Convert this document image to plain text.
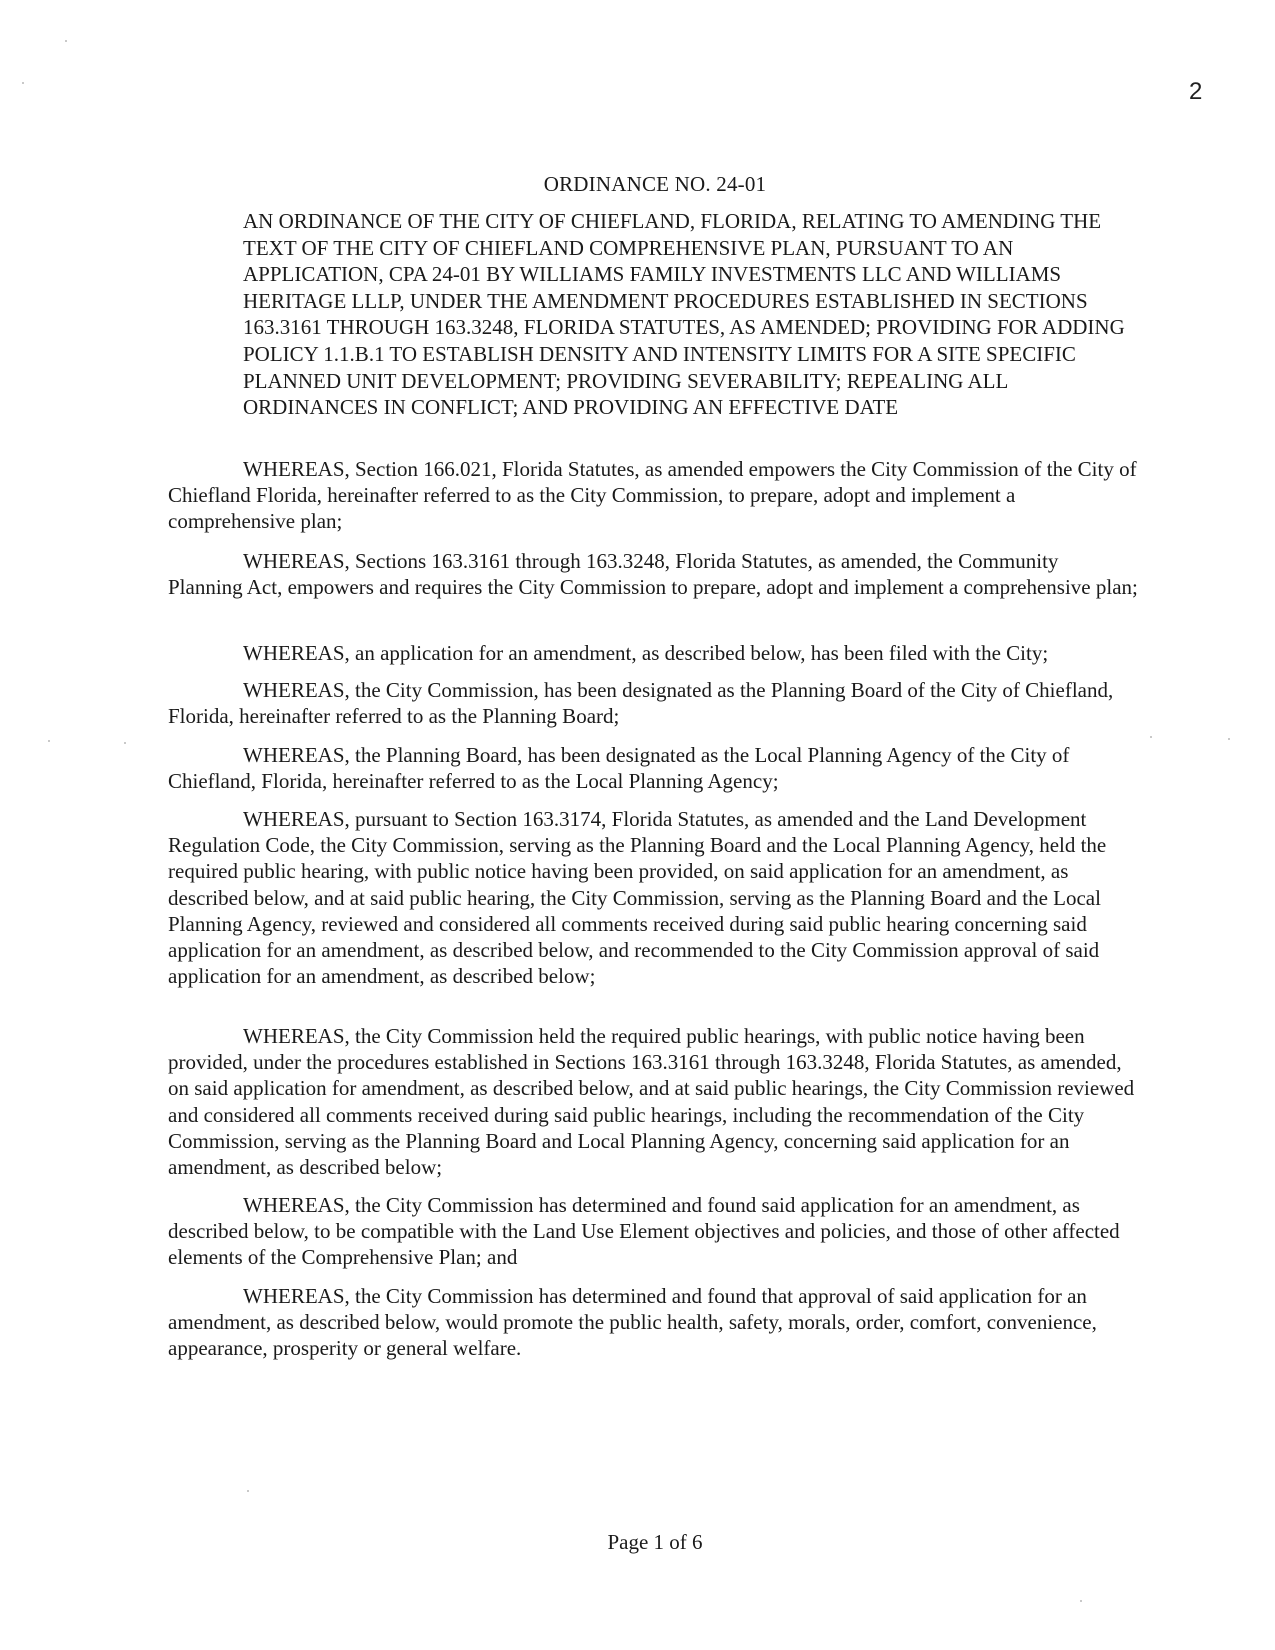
2
ORDINANCE NO. 24-01

AN ORDINANCE OF THE CITY OF CHIEFLAND, FLORIDA, RELATING TO AMENDING THE TEXT OF THE CITY OF CHIEFLAND COMPREHENSIVE PLAN, PURSUANT TO AN APPLICATION, CPA 24-01 BY WILLIAMS FAMILY INVESTMENTS LLC AND WILLIAMS HERITAGE LLLP, UNDER THE AMENDMENT PROCEDURES ESTABLISHED IN SECTIONS 163.3161 THROUGH 163.3248, FLORIDA STATUTES, AS AMENDED; PROVIDING FOR ADDING POLICY 1.1.B.1 TO ESTABLISH DENSITY AND INTENSITY LIMITS FOR A SITE SPECIFIC PLANNED UNIT DEVELOPMENT; PROVIDING SEVERABILITY; REPEALING ALL ORDINANCES IN CONFLICT; AND PROVIDING AN EFFECTIVE DATE

WHEREAS, Section 166.021, Florida Statutes, as amended empowers the City Commission of the City of Chiefland Florida, hereinafter referred to as the City Commission, to prepare, adopt and implement a comprehensive plan;

WHEREAS, Sections 163.3161 through 163.3248, Florida Statutes, as amended, the Community Planning Act, empowers and requires the City Commission to prepare, adopt and implement a comprehensive plan;

WHEREAS, an application for an amendment, as described below, has been filed with the City;

WHEREAS, the City Commission, has been designated as the Planning Board of the City of Chiefland, Florida, hereinafter referred to as the Planning Board;

WHEREAS, the Planning Board, has been designated as the Local Planning Agency of the City of Chiefland, Florida, hereinafter referred to as the Local Planning Agency;

WHEREAS, pursuant to Section 163.3174, Florida Statutes, as amended and the Land Development Regulation Code, the City Commission, serving as the Planning Board and the Local Planning Agency, held the required public hearing, with public notice having been provided, on said application for an amendment, as described below, and at said public hearing, the City Commission, serving as the Planning Board and the Local Planning Agency, reviewed and considered all comments received during said public hearing concerning said application for an amendment, as described below, and recommended to the City Commission approval of said application for an amendment, as described below;

WHEREAS, the City Commission held the required public hearings, with public notice having been provided, under the procedures established in Sections 163.3161 through 163.3248, Florida Statutes, as amended, on said application for amendment, as described below, and at said public hearings, the City Commission reviewed and considered all comments received during said public hearings, including the recommendation of the City Commission, serving as the Planning Board and Local Planning Agency, concerning said application for an amendment, as described below;

WHEREAS, the City Commission has determined and found said application for an amendment, as described below, to be compatible with the Land Use Element objectives and policies, and those of other affected elements of the Comprehensive Plan; and

WHEREAS, the City Commission has determined and found that approval of said application for an amendment, as described below, would promote the public health, safety, morals, order, comfort, convenience, appearance, prosperity or general welfare.

Page 1 of 6
